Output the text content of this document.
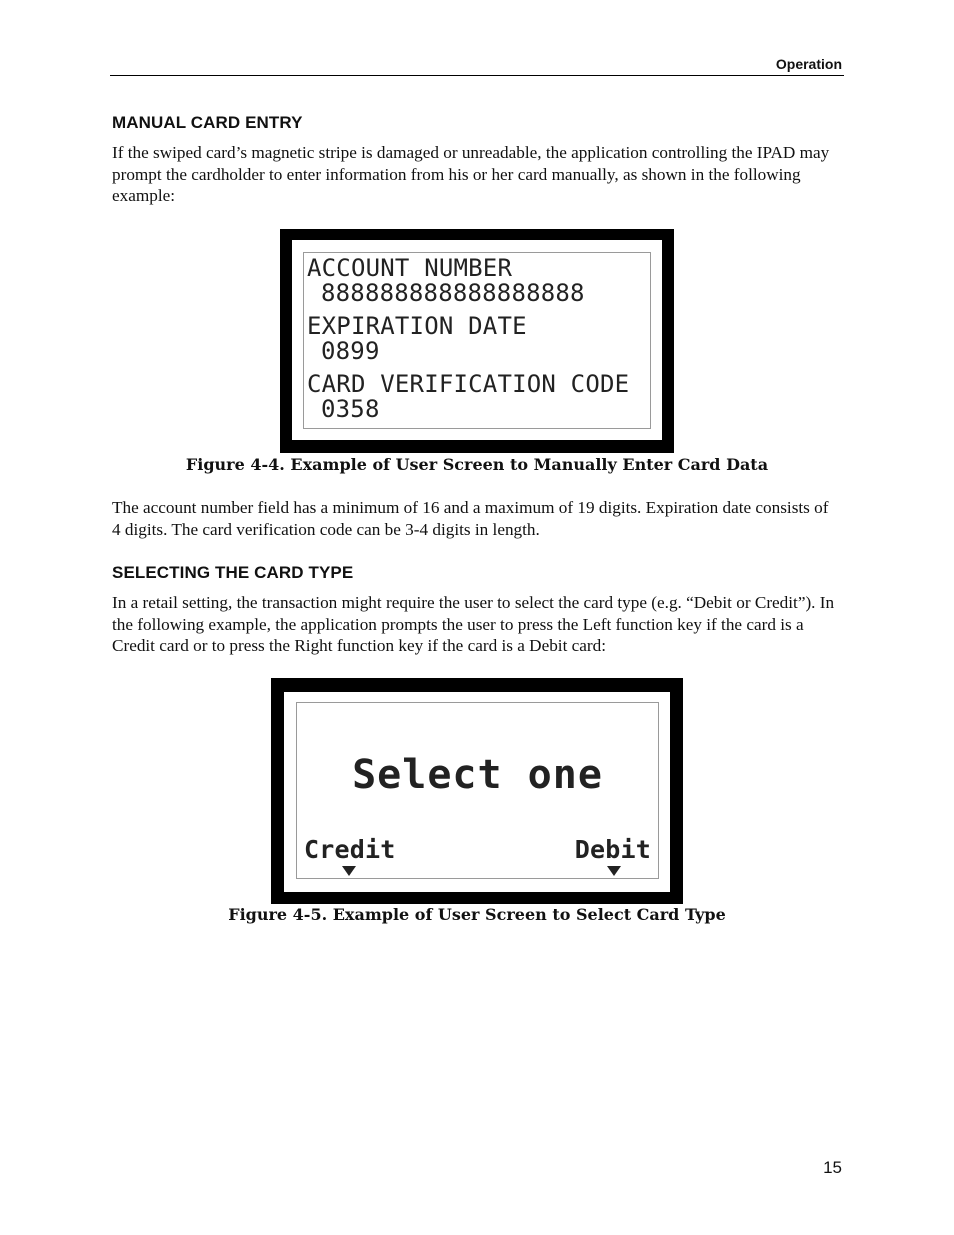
Operation
MANUAL CARD ENTRY

If the swiped card’s magnetic stripe is damaged or unreadable, the application controlling the IPAD may prompt the cardholder to enter information from his or her card manually, as shown in the following example:

ACCOUNT NUMBER
888888888888888888
EXPIRATION DATE
0899
CARD VERIFICATION CODE
0358
Figure 4-4. Example of User Screen to Manually Enter Card Data

The account number field has a minimum of 16 and a maximum of 19 digits. Expiration date consists of 4 digits. The card verification code can be 3-4 digits in length.

SELECTING THE CARD TYPE

In a retail setting, the transaction might require the user to select the card type (e.g. “Debit or Credit”). In the following example, the application prompts the user to press the Left function key if the card is a Credit card or to press the Right function key if the card is a Debit card:

Select one
Credit	Debit
Figure 4-5. Example of User Screen to Select Card Type
15
